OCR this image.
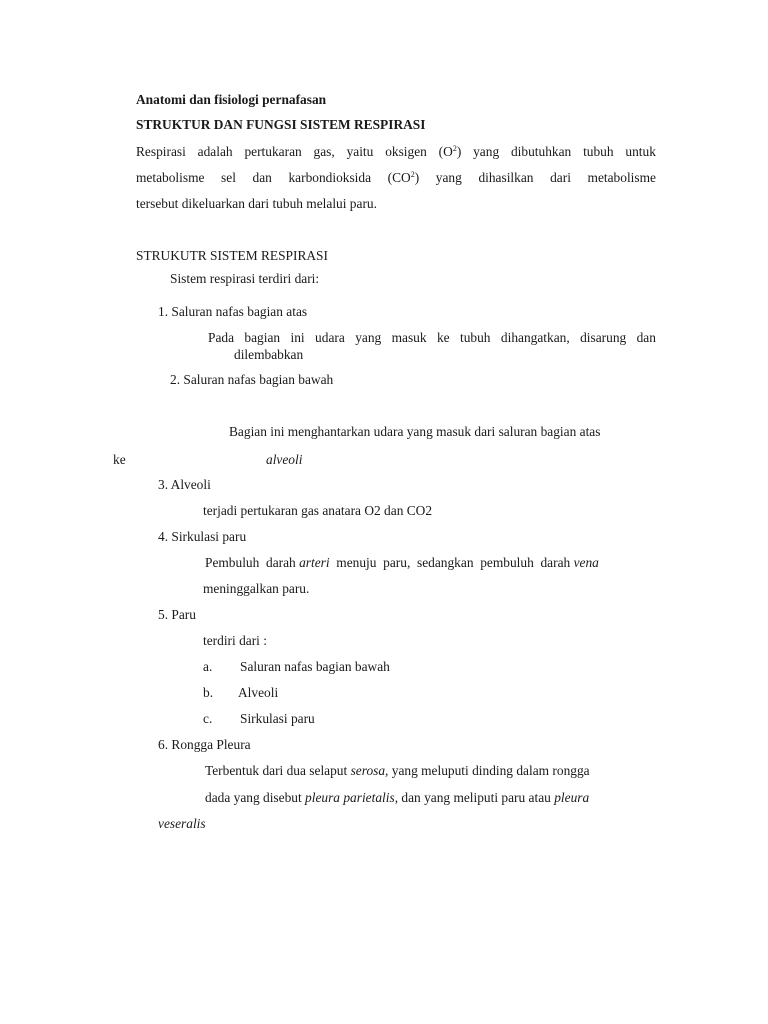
Anatomi dan fisiologi pernafasan
STRUKTUR DAN FUNGSI SISTEM RESPIRASI
Respirasi adalah pertukaran gas, yaitu oksigen $(O^2)$ yang dibutuhkan tubuh untuk
metabolisme sel dan karbondioksida $(CO^2)$ yang dihasilkan dari metabolisme
tersebut dikeluarkan dari tubuh melalui paru.
STRUKUTR SISTEM RESPIRASI
Sistem respirasi terdiri dari:
1. Saluran nafas bagian atas
Pada bagian ini udara yang masuk ke tubuh dihangatkan, disarung dan
dilembabkan
2. Saluran nafas bagian bawah
Bagian ini menghantarkan udara yang masuk dari saluran bagian atas
ke	alveoli
3. Alveoli
terjadi pertukaran gas anatara O2 dan CO2
4. Sirkulasi paru
Pembuluh  darah arteri  menuju  paru,  sedangkan  pembuluh  darah vena
meninggalkan paru.
5. Paru
terdiri dari :
a. Saluran nafas bagian bawah
b. Alveoli
c. Sirkulasi paru
6. Rongga Pleura
Terbentuk dari dua selaput serosa, yang meluputi dinding dalam rongga
dada yang disebut pleura parietalis, dan yang meliputi paru atau pleura
veseralis
